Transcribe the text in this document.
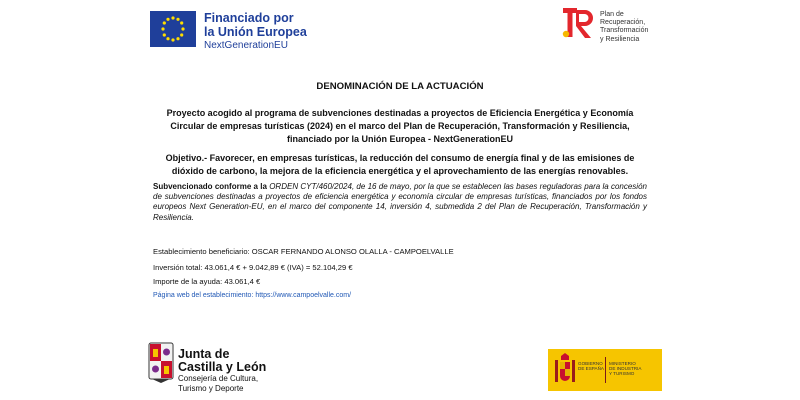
Financiado por
la Unión Europea
NextGenerationEU
Plan de
Recuperación,
Transformación
y Resiliencia
DENOMINACIÓN DE LA ACTUACIÓN
Proyecto acogido al programa de subvenciones destinadas a proyectos de Eficiencia Energética y Economía Circular de empresas turísticas (2024) en el marco del Plan de Recuperación, Transformación y Resiliencia, financiado por la Unión Europea - NextGenerationEU
Objetivo.- Favorecer, en empresas turísticas, la reducción del consumo de energía final y de las emisiones de dióxido de carbono, la mejora de la eficiencia energética y el aprovechamiento de las energías renovables.
Subvencionado conforme a la ORDEN CYT/460/2024, de 16 de mayo, por la que se establecen las bases reguladoras para la concesión de subvenciones destinadas a proyectos de eficiencia energética y economía circular de empresas turísticas, financiados por los fondos europeos Next Generation-EU, en el marco del componente 14, inversión 4, submedida 2 del Plan de Recuperación, Transformación y Resiliencia.
Establecimiento beneficiario: OSCAR FERNANDO ALONSO OLALLA - CAMPOELVALLE
Inversión total: 43.061,4 € + 9.042,89 € (IVA) = 52.104,29 €
Importe de la ayuda: 43.061,4 €
Página web del establecimiento: https://www.campoelvalle.com/
Junta de
Castilla y León
Consejería de Cultura,
Turismo y Deporte
GOBIERNO
DE ESPAÑA
MINISTERIO
DE INDUSTRIA
Y TURISMO
